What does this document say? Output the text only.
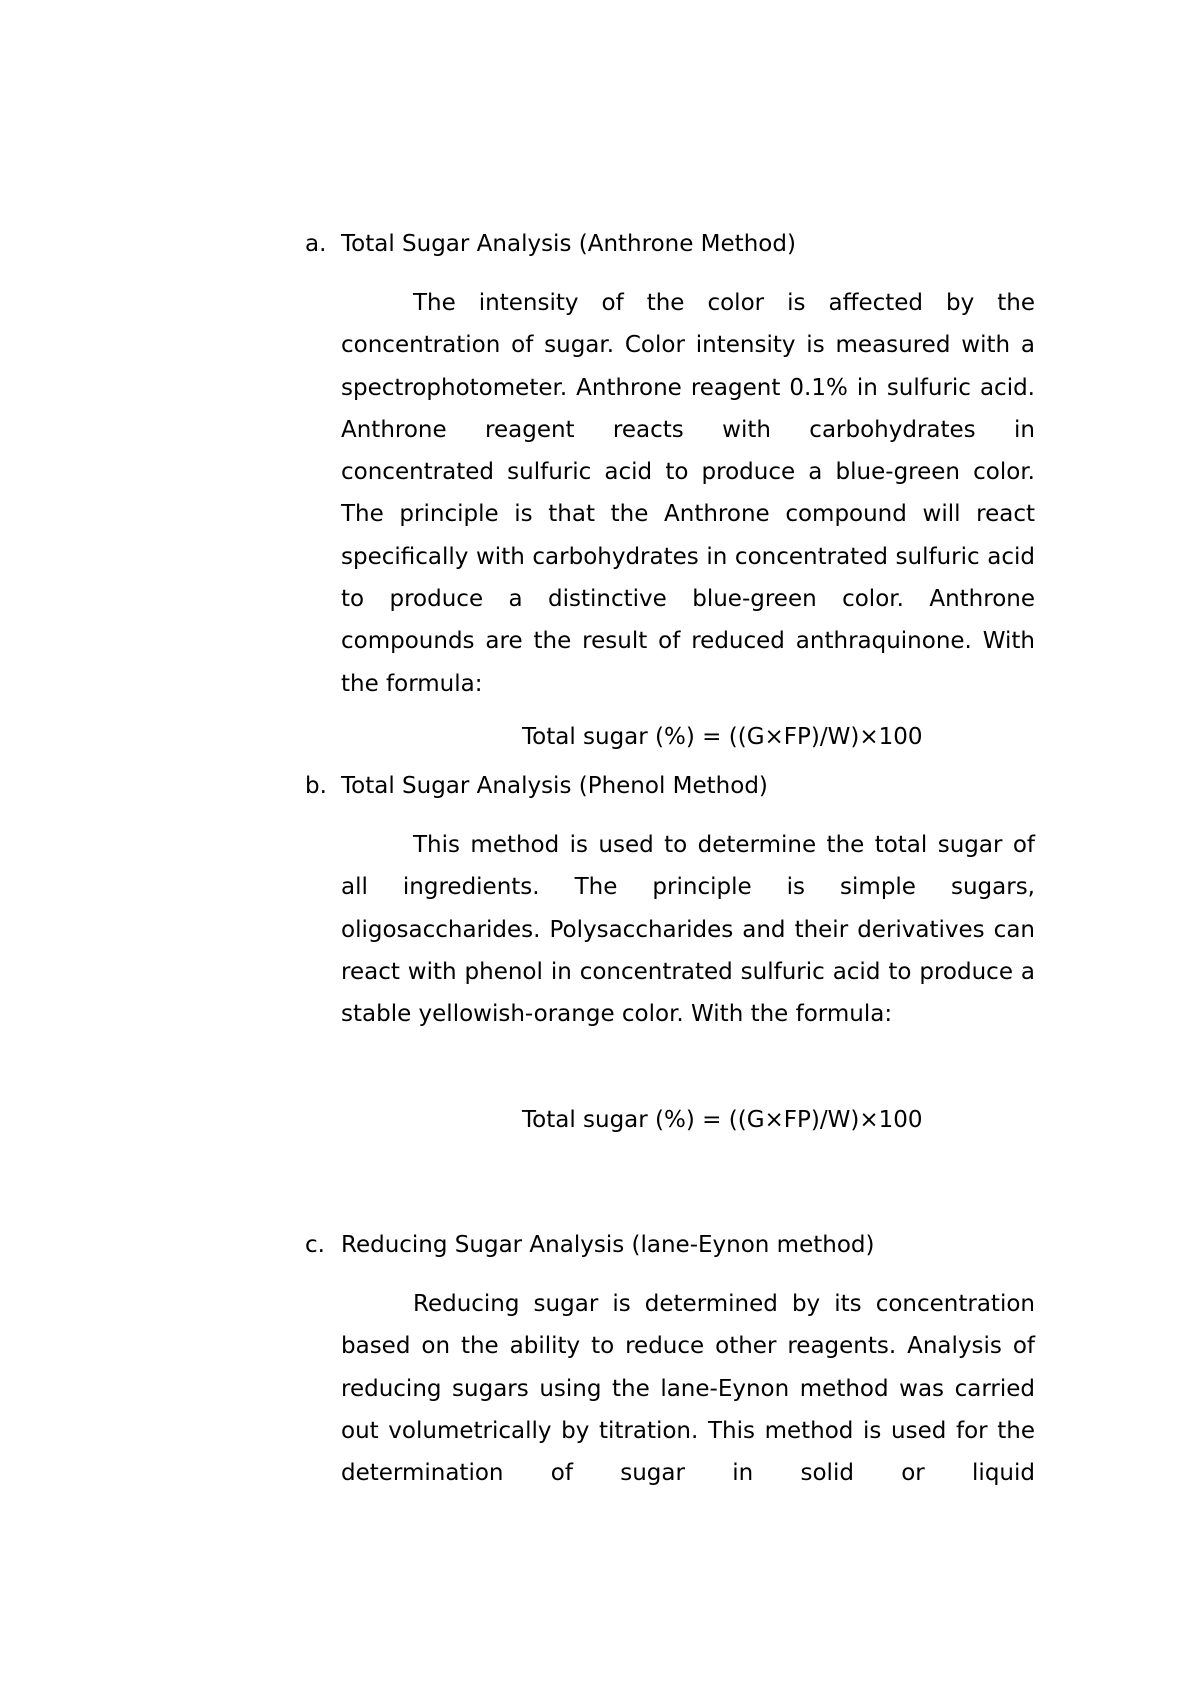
a. Total Sugar Analysis (Anthrone Method)

The intensity of the color is affected by the concentration of sugar. Color intensity is measured with a spectrophotometer. Anthrone reagent 0.1% in sulfuric acid. Anthrone reagent reacts with carbohydrates in concentrated sulfuric acid to produce a blue-green color. The principle is that the Anthrone compound will react specifically with carbohydrates in concentrated sulfuric acid to produce a distinctive blue-green color. Anthrone compounds are the result of reduced anthraquinone. With the formula:

Total sugar (%) = ((G×FP)/W)×100
b. Total Sugar Analysis (Phenol Method)

This method is used to determine the total sugar of all ingredients. The principle is simple sugars, oligosaccharides. Polysaccharides and their derivatives can react with phenol in concentrated sulfuric acid to produce a stable yellowish-orange color. With the formula:

Total sugar (%) = ((G×FP)/W)×100
c. Reducing Sugar Analysis (lane-Eynon method)

Reducing sugar is determined by its concentration based on the ability to reduce other reagents. Analysis of reducing sugars using the lane-Eynon method was carried out volumetrically by titration. This method is used for the determination of sugar in solid or liquid
